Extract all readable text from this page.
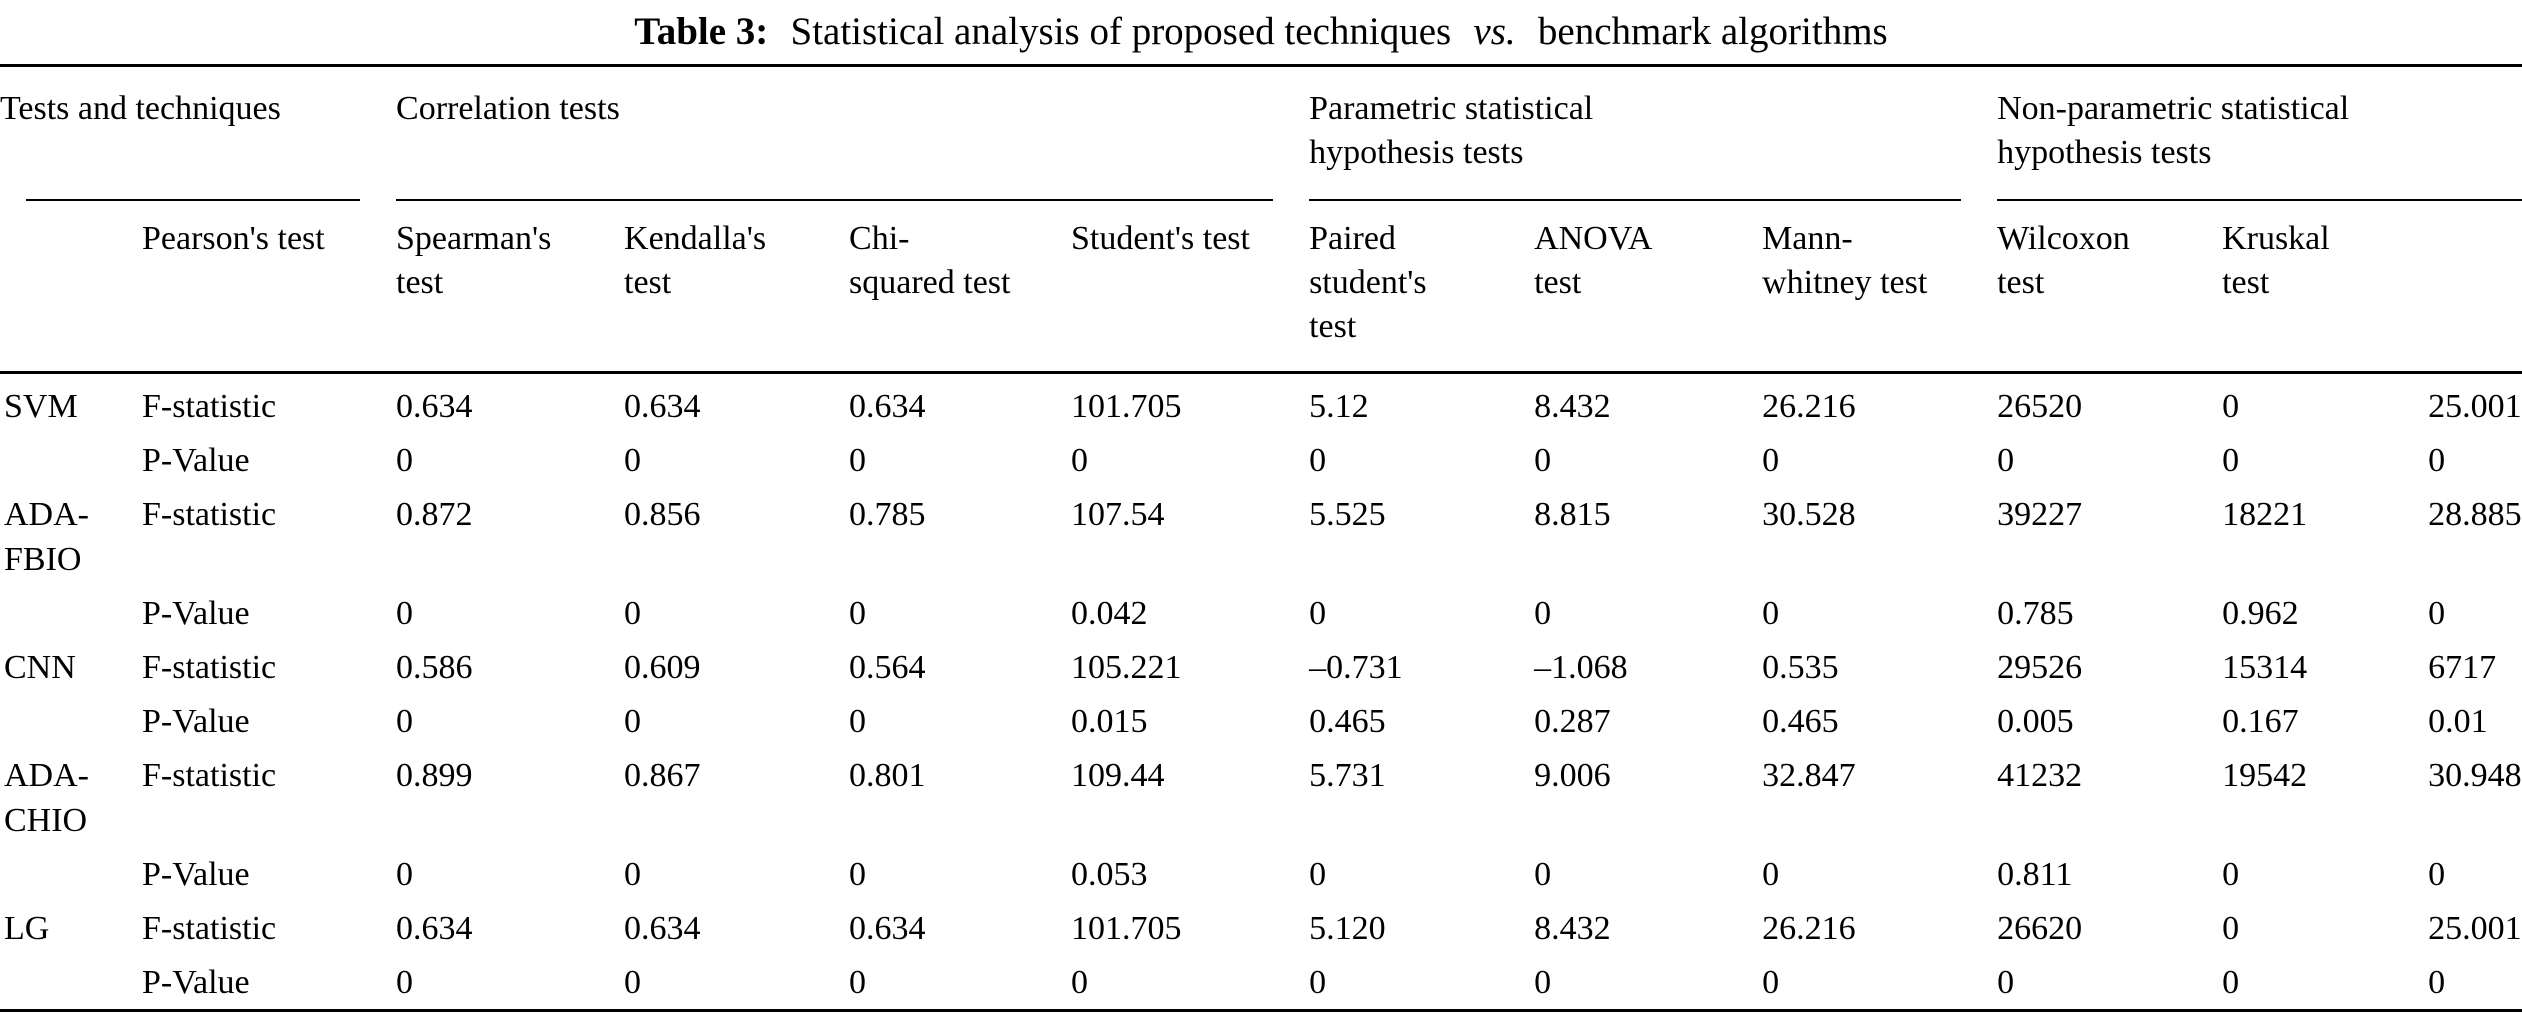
Table 3: Statistical analysis of proposed techniques vs. benchmark algorithms
Tests and techniques		Correlation tests				Parametric statistical hypothesis tests			Non-parametric statistical hypothesis tests		

	Pearson's test	Spearman's test	Kendalla's test	Chi-squared test	Student's test	Paired student's test	ANOVA test	Mann-whitney test	Wilcoxon test	Kruskal test	
SVM	F-statistic	0.634	0.634	0.634	101.705	5.12	8.432	26.216	26520	0	25.001
	P-Value	0	0	0	0	0	0	0	0	0	0
ADA-FBIO	F-statistic	0.872	0.856	0.785	107.54	5.525	8.815	30.528	39227	18221	28.885
	P-Value	0	0	0	0.042	0	0	0	0.785	0.962	0
CNN	F-statistic	0.586	0.609	0.564	105.221	–0.731	–1.068	0.535	29526	15314	6717
	P-Value	0	0	0	0.015	0.465	0.287	0.465	0.005	0.167	0.01
ADA-CHIO	F-statistic	0.899	0.867	0.801	109.44	5.731	9.006	32.847	41232	19542	30.948
	P-Value	0	0	0	0.053	0	0	0	0.811	0	0
LG	F-statistic	0.634	0.634	0.634	101.705	5.120	8.432	26.216	26620	0	25.001
	P-Value	0	0	0	0	0	0	0	0	0	0
